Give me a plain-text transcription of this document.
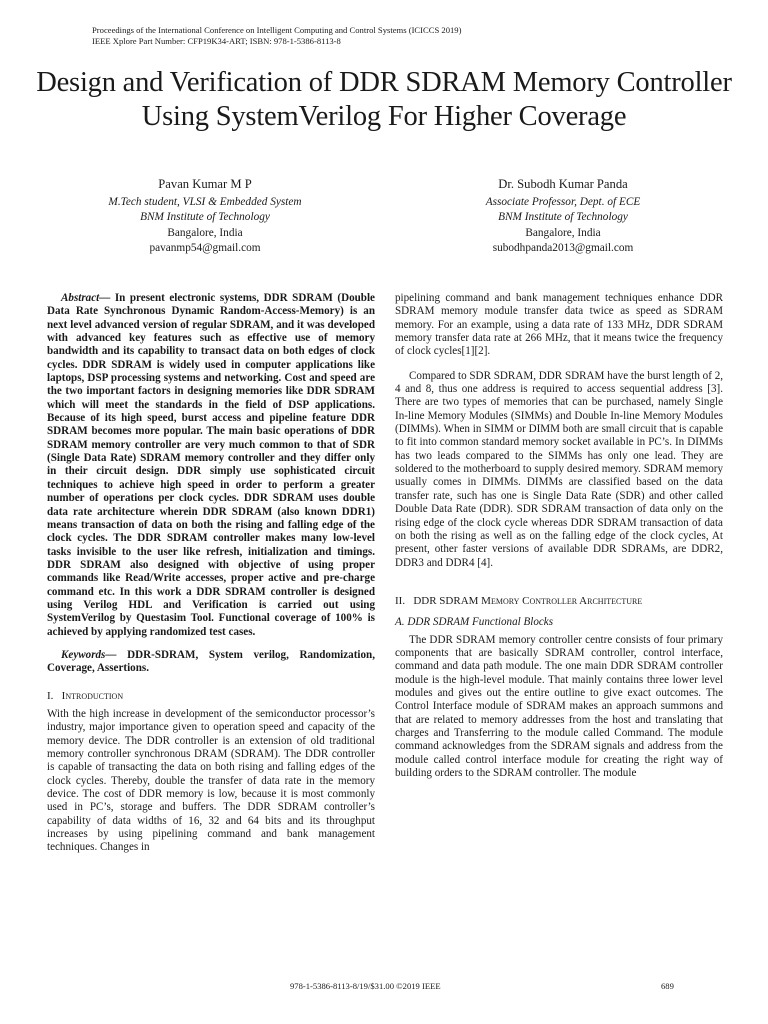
Proceedings of the International Conference on Intelligent Computing and Control Systems (ICICCS 2019)
IEEE Xplore Part Number: CFP19K34-ART; ISBN: 978-1-5386-8113-8
Design and Verification of DDR SDRAM Memory Controller Using SystemVerilog For Higher Coverage
Pavan Kumar M P
M.Tech student, VLSI & Embedded System
BNM Institute of Technology
Bangalore, India
pavanmp54@gmail.com
Dr. Subodh Kumar Panda
Associate Professor, Dept. of ECE
BNM Institute of Technology
Bangalore, India
subodhpanda2013@gmail.com

Abstract— In present electronic systems, DDR SDRAM (Double Data Rate Synchronous Dynamic Random-Access-Memory) is an next level advanced version of regular SDRAM, and it was developed with advanced key features such as effective use of memory bandwidth and its capability to transact data on both edges of clock cycles. DDR SDRAM is widely used in computer applications like laptops, DSP processing systems and networking. Cost and speed are the two important factors in designing memories like DDR SDRAM which will meet the standards in the field of DSP applications. Because of its high speed, burst access and pipeline feature DDR SDRAM becomes more popular. The main basic operations of DDR SDRAM memory controller are very much common to that of SDR (Single Data Rate) SDRAM memory controller and they differ only in their circuit design. DDR simply use sophisticated circuit techniques to achieve high speed in order to perform a greater number of operations per clock cycles. DDR SDRAM uses double data rate architecture wherein DDR SDRAM (also known DDR1) means transaction of data on both the rising and falling edge of the clock cycles. The DDR SDRAM controller makes many low-level tasks invisible to the user like refresh, initialization and timings. DDR SDRAM also designed with objective of using proper commands like Read/Write accesses, proper active and pre-charge command etc. In this work a DDR SDRAM controller is designed using Verilog HDL and Verification is carried out using SystemVerilog by Questasim Tool. Functional coverage of 100% is achieved by applying randomized test cases.

Keywords— DDR-SDRAM, System verilog, Randomization, Coverage, Assertions.

I. Introduction

With the high increase in development of the semiconductor processor’s industry, major importance given to operation speed and capacity of the memory device. The DDR controller is an extension of old traditional memory controller synchronous DRAM (SDRAM). The DDR controller is capable of transacting the data on both rising and falling edges of the clock cycles. Thereby, double the transfer of data rate in the memory device. The cost of DDR memory is low, because it is most commonly used in PC’s, storage and buffers. The DDR SDRAM controller’s capability of data widths of 16, 32 and 64 bits and its throughput increases by using pipelining command and bank management techniques. Changes in

pipelining command and bank management techniques enhance DDR SDRAM memory module transfer data twice as speed as SDRAM memory. For an example, using a data rate of 133 MHz, DDR SDRAM memory transfer data rate at 266 MHz, that it means twice the frequency of clock cycles[1][2].

Compared to SDR SDRAM, DDR SDRAM have the burst length of 2, 4 and 8, thus one address is required to access sequential address [3]. There are two types of memories that can be purchased, namely Single In-line Memory Modules (SIMMs) and Double In-line Memory Modules (DIMMs). When in SIMM or DIMM both are small circuit that is capable to fit into common standard memory socket available in PC’s. In DIMMs has two leads compared to the SIMMs has only one lead. They are soldered to the motherboard to supply desired memory. SDRAM memory usually comes in DIMMs. DIMMs are classified based on the data transfer rate, such has one is Single Data Rate (SDR) and other called Double Data Rate (DDR). SDR SDRAM transaction of data only on the rising edge of the clock cycle whereas DDR SDRAM transaction of data on both the rising as well as on the falling edge of the clock cycles, At present, other faster versions of available DDR SDRAMs, are DDR2, DDR3 and DDR4 [4].

II. DDR SDRAM Memory Controller Architecture

A. DDR SDRAM Functional Blocks

The DDR SDRAM memory controller centre consists of four primary components that are basically SDRAM controller, control interface, command and data path module. The one main DDR SDRAM controller module is the high-level module. That mainly contains three lower level modules and gives out the entire outline to give exact outcomes. The Control Interface module of SDRAM makes an approach summons and that are related to memory addresses from the host and translating that charges and Transferring to the module called Command. The module command acknowledges from the SDRAM signals and address from the module called control interface module for creating the right way of building orders to the SDRAM controller. The module

978-1-5386-8113-8/19/$31.00 ©2019 IEEE	689
